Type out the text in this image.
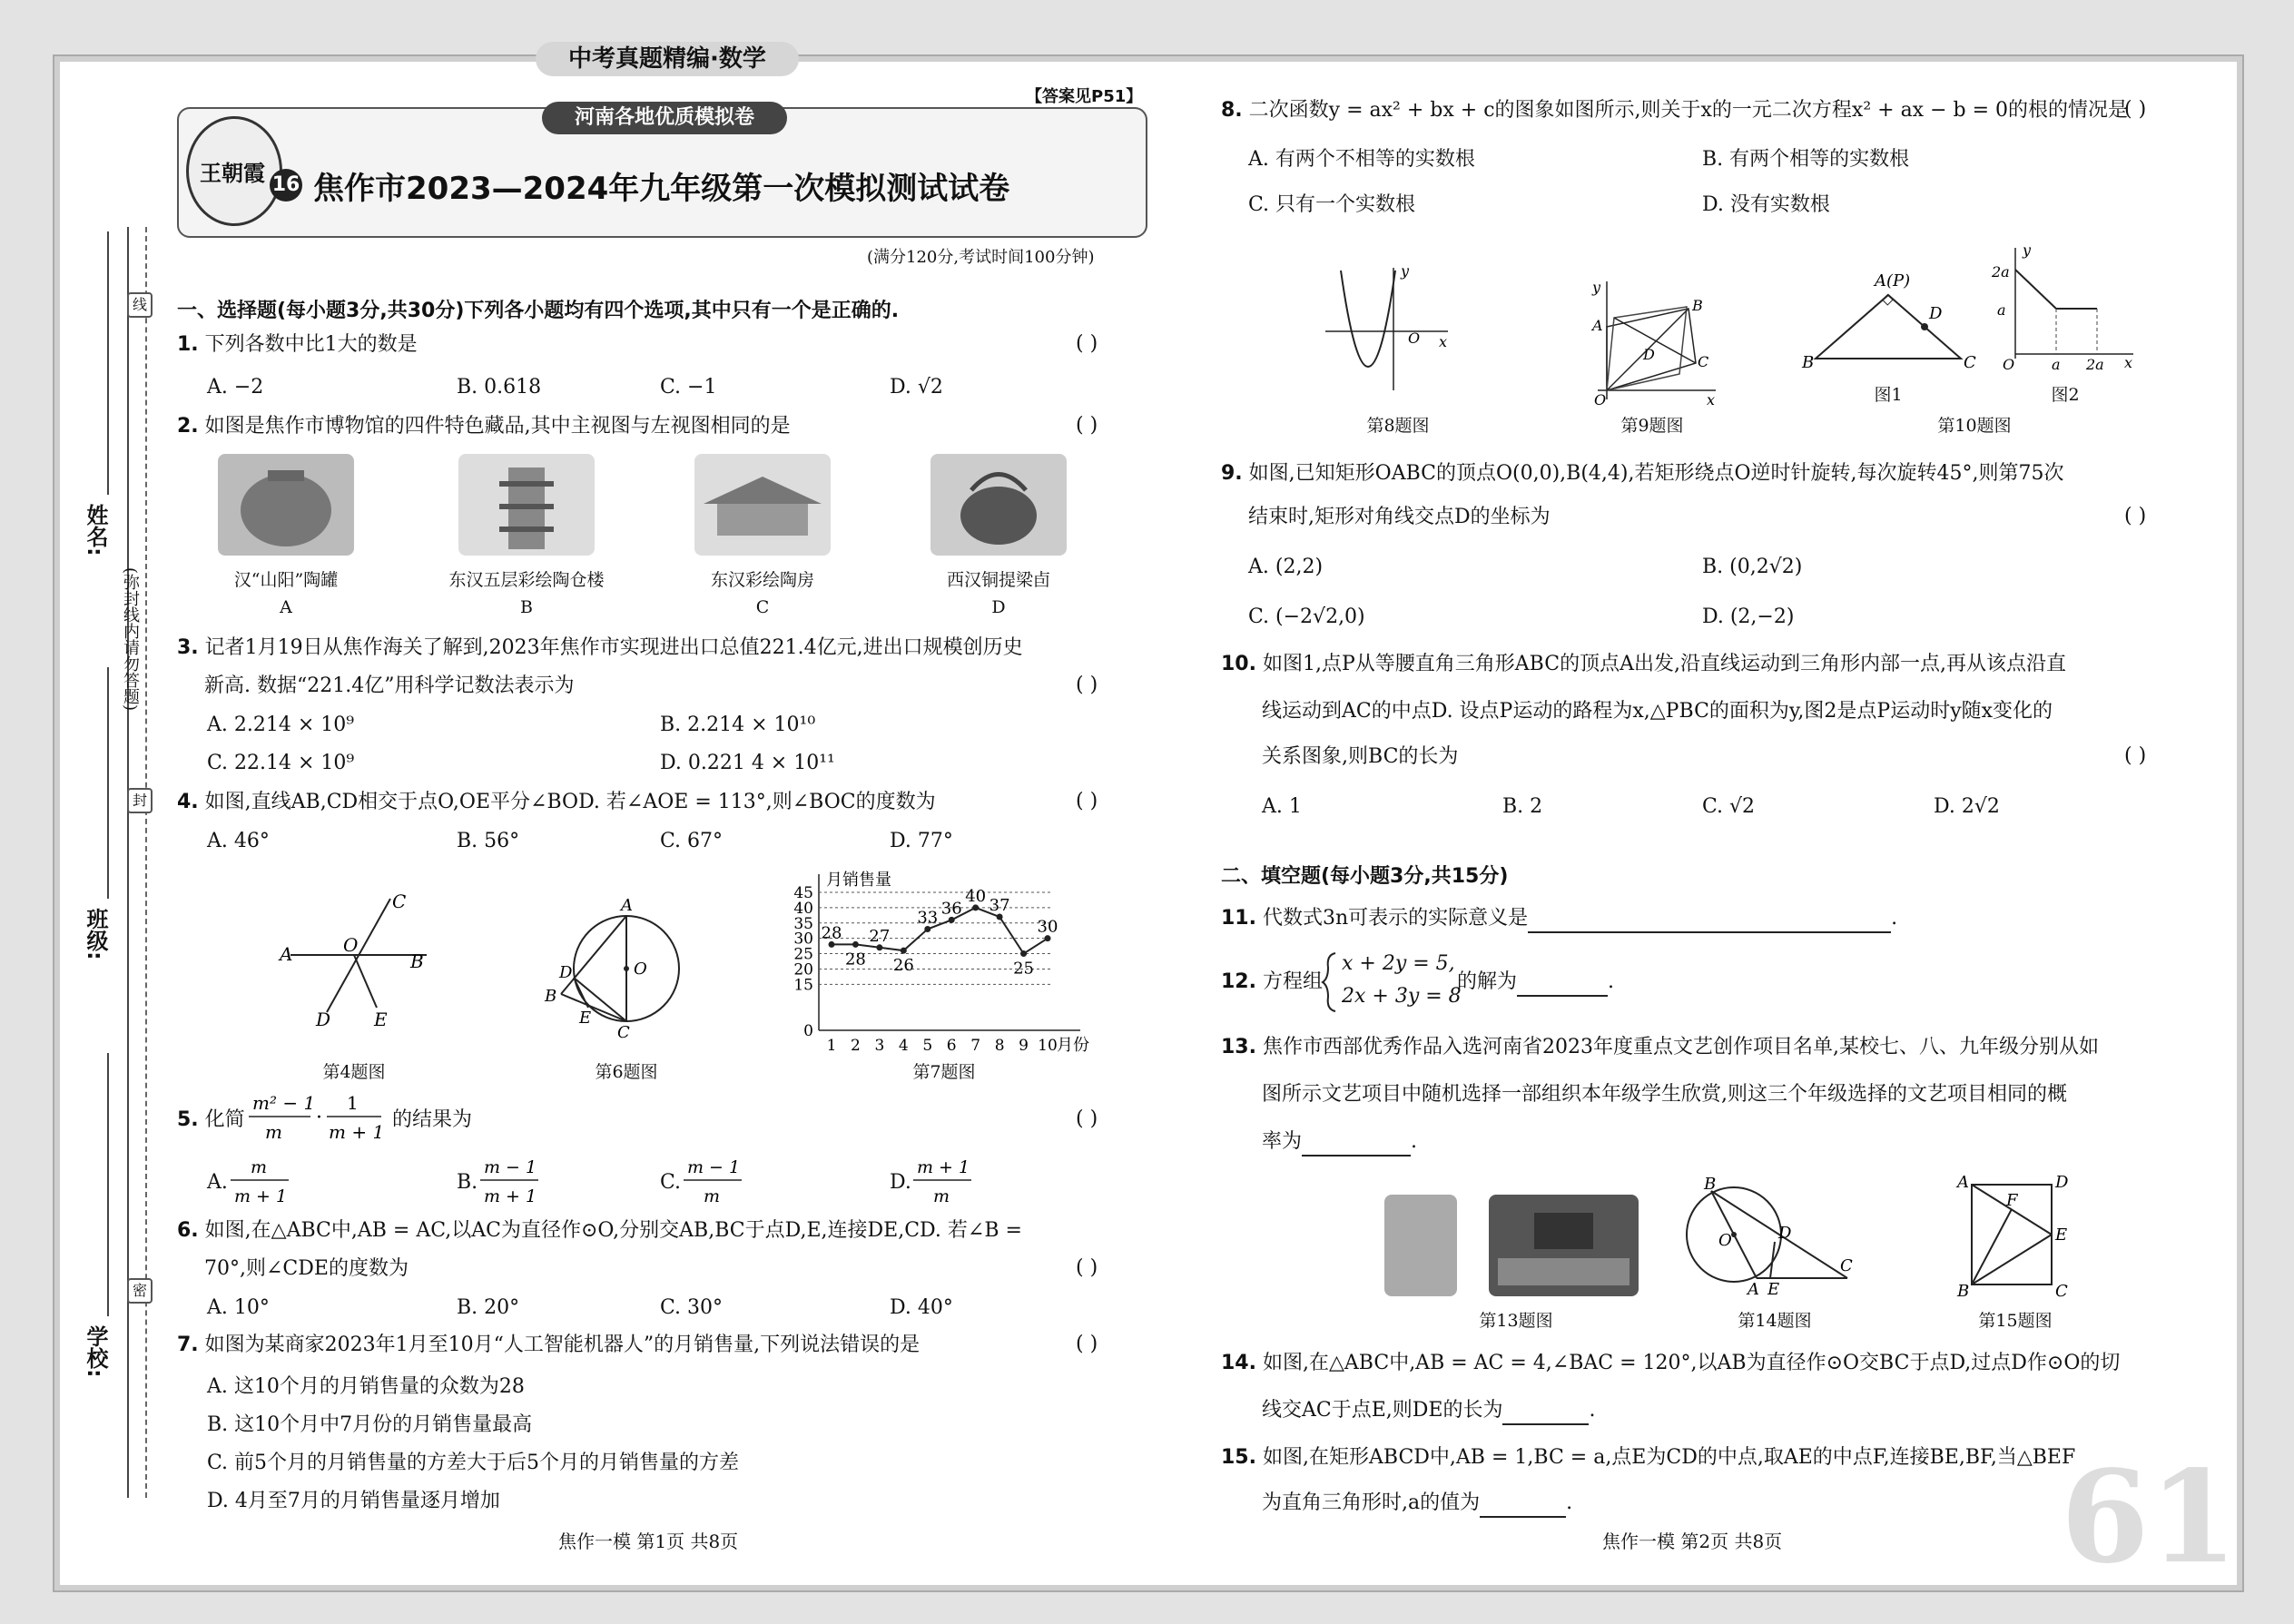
中考真题精编·数学
61
线
封
密
(弥封线内请勿答题)
姓名:
班级:
学校:
【答案见P51】
王朝霞
河南各地优质模拟卷
16 焦作市2023—2024年九年级第一次模拟测试试卷
(满分120分,考试时间100分钟)
一、选择题(每小题3分,共30分)下列各小题均有四个选项,其中只有一个是正确的.
1. 下列各数中比1大的数是	( )
A. −2	B. 0.618	C. −1	D. √2
2. 如图是焦作市博物馆的四件特色藏品,其中主视图与左视图相同的是	( )
汉“山阳”陶罐	东汉五层彩绘陶仓楼	东汉彩绘陶房	西汉铜提梁卣
A	B	C	D
3. 记者1月19日从焦作海关了解到,2023年焦作市实现进出口总值221.4亿元,进出口规模创历史
新高. 数据“221.4亿”用科学记数法表示为	( )
A. 2.214 × 10⁹	B. 2.214 × 10¹⁰
C. 22.14 × 10⁹	D. 0.221 4 × 10¹¹
4. 如图,直线AB,CD相交于点O,OE平分∠BOD. 若∠AOE = 113°,则∠BOC的度数为	( )
A. 46°	B. 56°	C. 67°	D. 77°
A	B
C
D E
O
第4题图
A
B
C
D
E
O
第6题图
0
15
20
25
30
35
40
45
月销售量
月份
1 2 3 4 5 6 7 8 9 10
28
28
27
26
33 36
40 37
25
30
第7题图
5. 化简
m² − 1
m
·
1
m + 1
的结果为	( )
A.
m
m + 1
B.
m − 1
m + 1
C.
m − 1
m
D.
m + 1
m
6. 如图,在△ABC中,AB = AC,以AC为直径作⊙O,分别交AB,BC于点D,E,连接DE,CD. 若∠B =
70°,则∠CDE的度数为	( )
A. 10°	B. 20°	C. 30°	D. 40°
7. 如图为某商家2023年1月至10月“人工智能机器人”的月销售量,下列说法错误的是	( )
A. 这10个月的月销售量的众数为28
B. 这10个月中7月份的月销售量最高
C. 前5个月的月销售量的方差大于后5个月的月销售量的方差
D. 4月至7月的月销售量逐月增加
焦作一模 第1页 共8页
8. 二次函数y = ax² + bx + c的图象如图所示,则关于x的一元二次方程x² + ax − b = 0的根的情况是
( )
A. 有两个不相等的实数根	B. 有两个相等的实数根
C. 只有一个实数根	D. 没有实数根
y
x
O
第8题图
y
x
O
A
B
C
D
第9题图
A(P)
B	C
D
图1
y
x
2a
a
O	a 2a
图2
第10题图
9. 如图,已知矩形OABC的顶点O(0,0),B(4,4),若矩形绕点O逆时针旋转,每次旋转45°,则第75次
结束时,矩形对角线交点D的坐标为	( )
A. (2,2)	B. (0,2√2)
C. (−2√2,0)	D. (2,−2)
10. 如图1,点P从等腰直角三角形ABC的顶点A出发,沿直线运动到三角形内部一点,再从该点沿直
线运动到AC的中点D. 设点P运动的路程为x,△PBC的面积为y,图2是点P运动时y随x变化的
关系图象,则BC的长为	( )
A. 1	B. 2	C. √2	D. 2√2
二、填空题(每小题3分,共15分)
11. 代数式3n可表示的实际意义是	.
12. 方程组
x + 2y = 5,
2x + 3y = 8
的解为	.
13. 焦作市西部优秀作品入选河南省2023年度重点文艺创作项目名单,某校七、八、九年级分别从如
图所示文艺项目中随机选择一部组织本年级学生欣赏,则这三个年级选择的文艺项目相同的概
率为	.
第13题图
B
O	D
A E
C
第14题图
A	D
B	C
E
F
第15题图
14. 如图,在△ABC中,AB = AC = 4,∠BAC = 120°,以AB为直径作⊙O交BC于点D,过点D作⊙O的切
线交AC于点E,则DE的长为	.
15. 如图,在矩形ABCD中,AB = 1,BC = a,点E为CD的中点,取AE的中点F,连接BE,BF,当△BEF
为直角三角形时,a的值为	.
焦作一模 第2页 共8页
